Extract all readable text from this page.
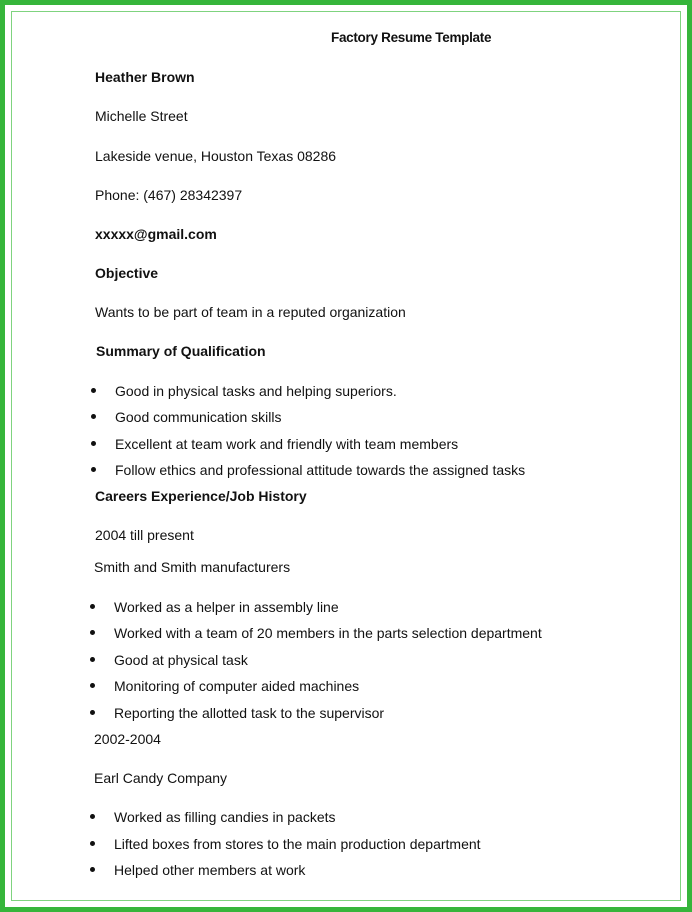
Factory Resume Template
Heather Brown
Michelle Street
Lakeside venue, Houston Texas 08286
Phone: (467) 28342397
xxxxx@gmail.com
Objective
Wants to be part of team in a reputed organization
Summary of Qualification
Good in physical tasks and helping superiors.
Good communication skills
Excellent at team work and friendly with team members
Follow ethics and professional attitude towards the assigned tasks
Careers Experience/Job History
2004 till present
Smith and Smith manufacturers
Worked as a helper in assembly line
Worked with a team of 20 members in the parts selection department
Good at physical task
Monitoring of computer aided machines
Reporting the allotted task to the supervisor
2002-2004
Earl Candy Company
Worked as filling candies in packets
Lifted boxes from stores to the main production department
Helped other members at work
